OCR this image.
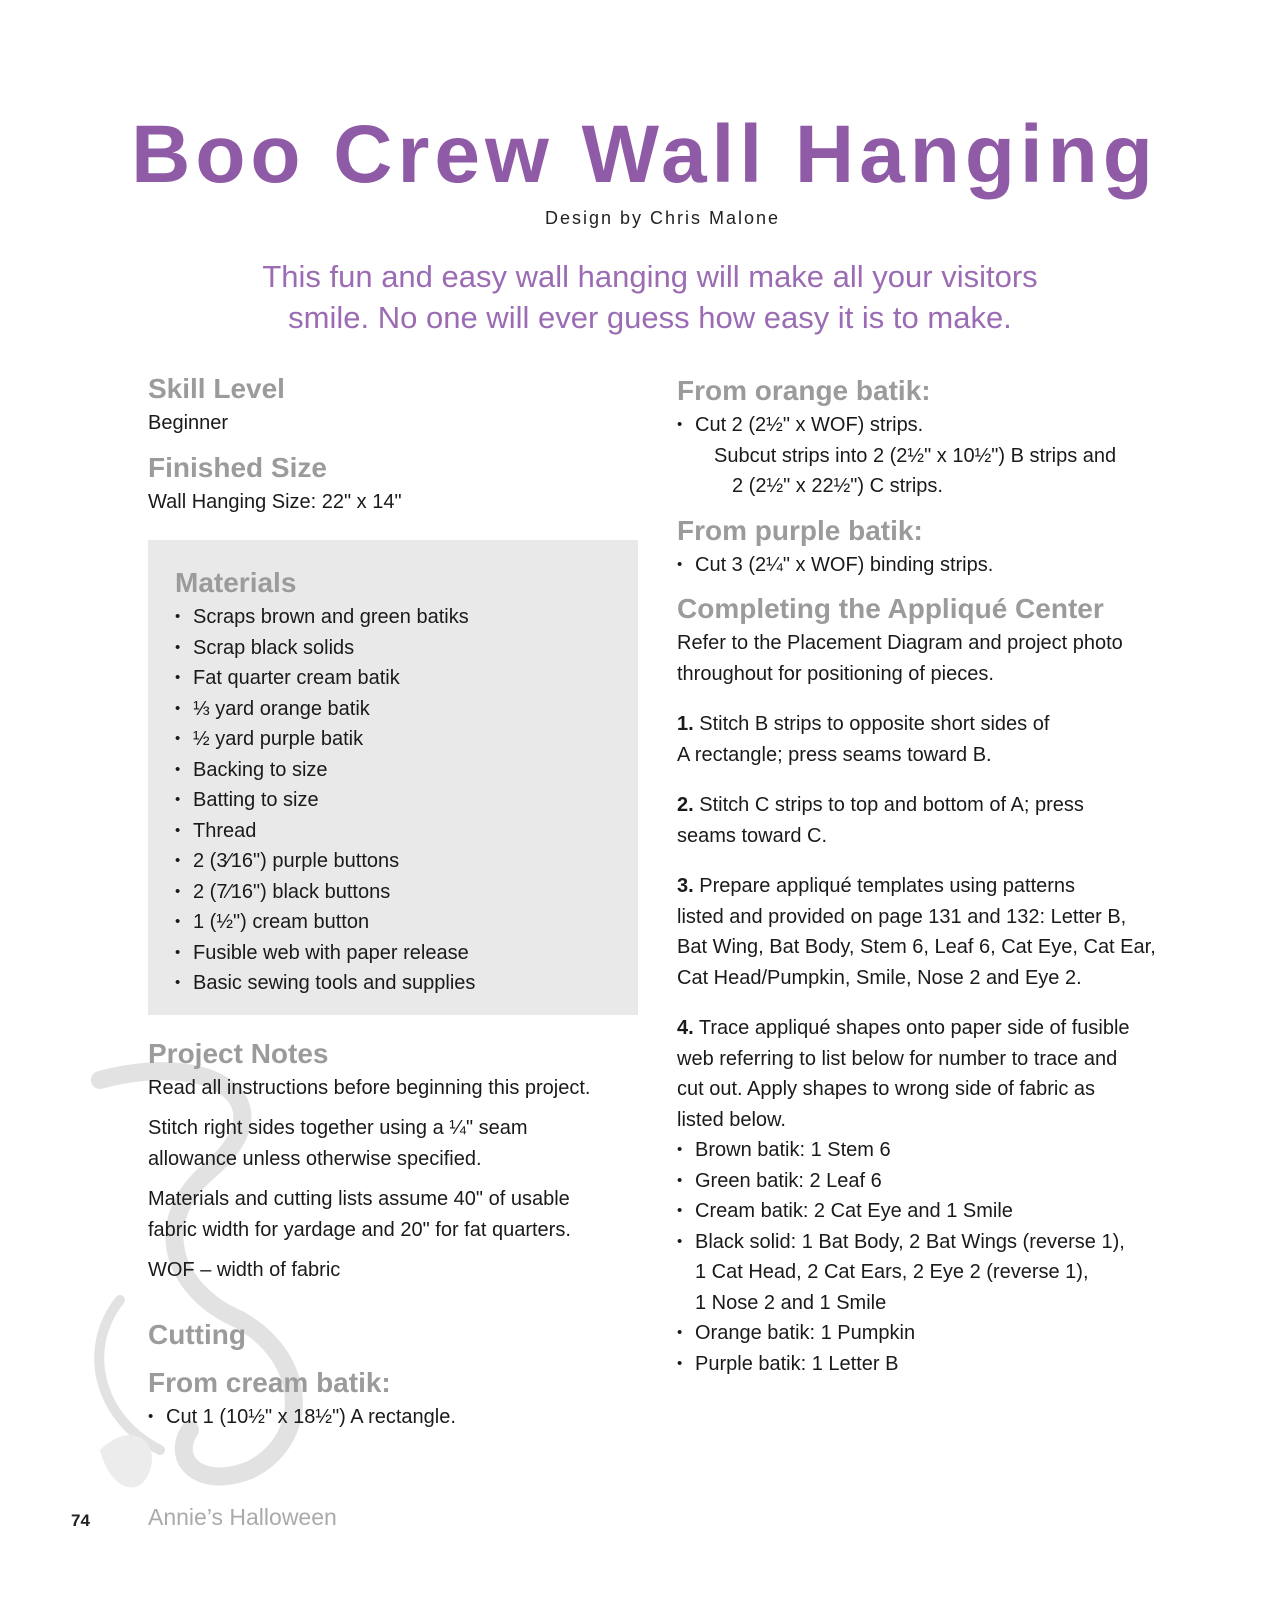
Boo Crew Wall Hanging
Design by Chris Malone
This fun and easy wall hanging will make all your visitors
smile. No one will ever guess how easy it is to make.
Skill Level

Beginner

Finished Size

Wall Hanging Size: 22" x 14"

Materials
• Scraps brown and green batiks
• Scrap black solids
• Fat quarter cream batik
• ⅓ yard orange batik
• ½ yard purple batik
• Backing to size
• Batting to size
• Thread
• 2 (3⁄16") purple buttons
• 2 (7⁄16") black buttons
• 1 (½") cream button
• Fusible web with paper release
• Basic sewing tools and supplies
Project Notes

Read all instructions before beginning this project.

Stitch right sides together using a ¼" seam

allowance unless otherwise specified.

Materials and cutting lists assume 40" of usable

fabric width for yardage and 20" for fat quarters.

WOF – width of fabric

Cutting
From cream batik:
• Cut 1 (10½" x 18½") A rectangle.
From orange batik:
• Cut 2 (2½" x WOF) strips.

Subcut strips into 2 (2½" x 10½") B strips and

2 (2½" x 22½") C strips.

From purple batik:
• Cut 3 (2¼" x WOF) binding strips.
Completing the Appliqué Center

Refer to the Placement Diagram and project photo

throughout for positioning of pieces.

1. Stitch B strips to opposite short sides of

A rectangle; press seams toward B.

2. Stitch C strips to top and bottom of A; press

seams toward C.

3. Prepare appliqué templates using patterns

listed and provided on page 131 and 132: Letter B,

Bat Wing, Bat Body, Stem 6, Leaf 6, Cat Eye, Cat Ear,

Cat Head/Pumpkin, Smile, Nose 2 and Eye 2.

4. Trace appliqué shapes onto paper side of fusible

web referring to list below for number to trace and

cut out. Apply shapes to wrong side of fabric as

listed below.

• Brown batik: 1 Stem 6
• Green batik: 2 Leaf 6
• Cream batik: 2 Cat Eye and 1 Smile
• Black solid: 1 Bat Body, 2 Bat Wings (reverse 1),

1 Cat Head, 2 Cat Ears, 2 Eye 2 (reverse 1),

1 Nose 2 and 1 Smile

• Orange batik: 1 Pumpkin
• Purple batik: 1 Letter B
74	Annie’s Halloween
